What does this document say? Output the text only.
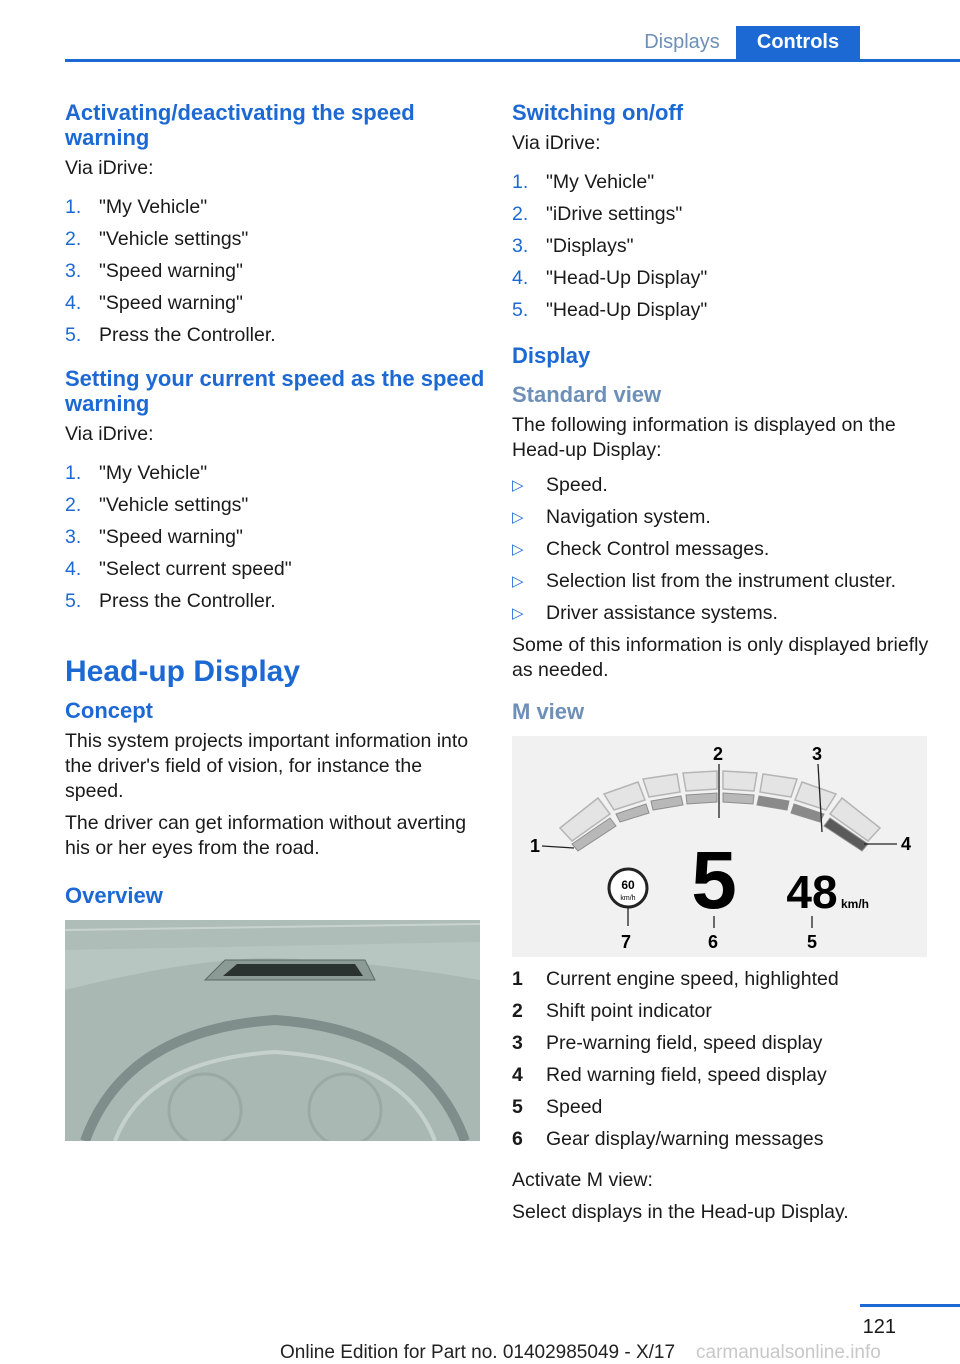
Displays	Controls
Activating/deactivating the speed warning
Via iDrive:
1. "My Vehicle"
2. "Vehicle settings"
3. "Speed warning"
4. "Speed warning"
5. Press the Controller.
Setting your current speed as the speed warning
Via iDrive:
1. "My Vehicle"
2. "Vehicle settings"
3. "Speed warning"
4. "Select current speed"
5. Press the Controller.
Head-up Display
Concept
This system projects important information into the driver's field of vision, for instance the speed.
The driver can get information without averting his or her eyes from the road.
Overview
Switching on/off
Via iDrive:
1. "My Vehicle"
2. "iDrive settings"
3. "Displays"
4. "Head-Up Display"
5. "Head-Up Display"
Display
Standard view
The following information is displayed on the Head-up Display:
▷ Speed.
▷ Navigation system.
▷ Check Control messages.
▷ Selection list from the instrument cluster.
▷ Driver assistance systems.
Some of this information is only displayed briefly as needed.
M view
1
2	3
4
5
6
7
60
km/h 5 48 km/h
1 Current engine speed, highlighted
2 Shift point indicator
3 Pre-warning field, speed display
4 Red warning field, speed display
5 Speed
6 Gear display/warning messages
Activate M view:
Select displays in the Head-up Display.
121
Online Edition for Part no. 01402985049 - X/17 carmanualsonline.info
